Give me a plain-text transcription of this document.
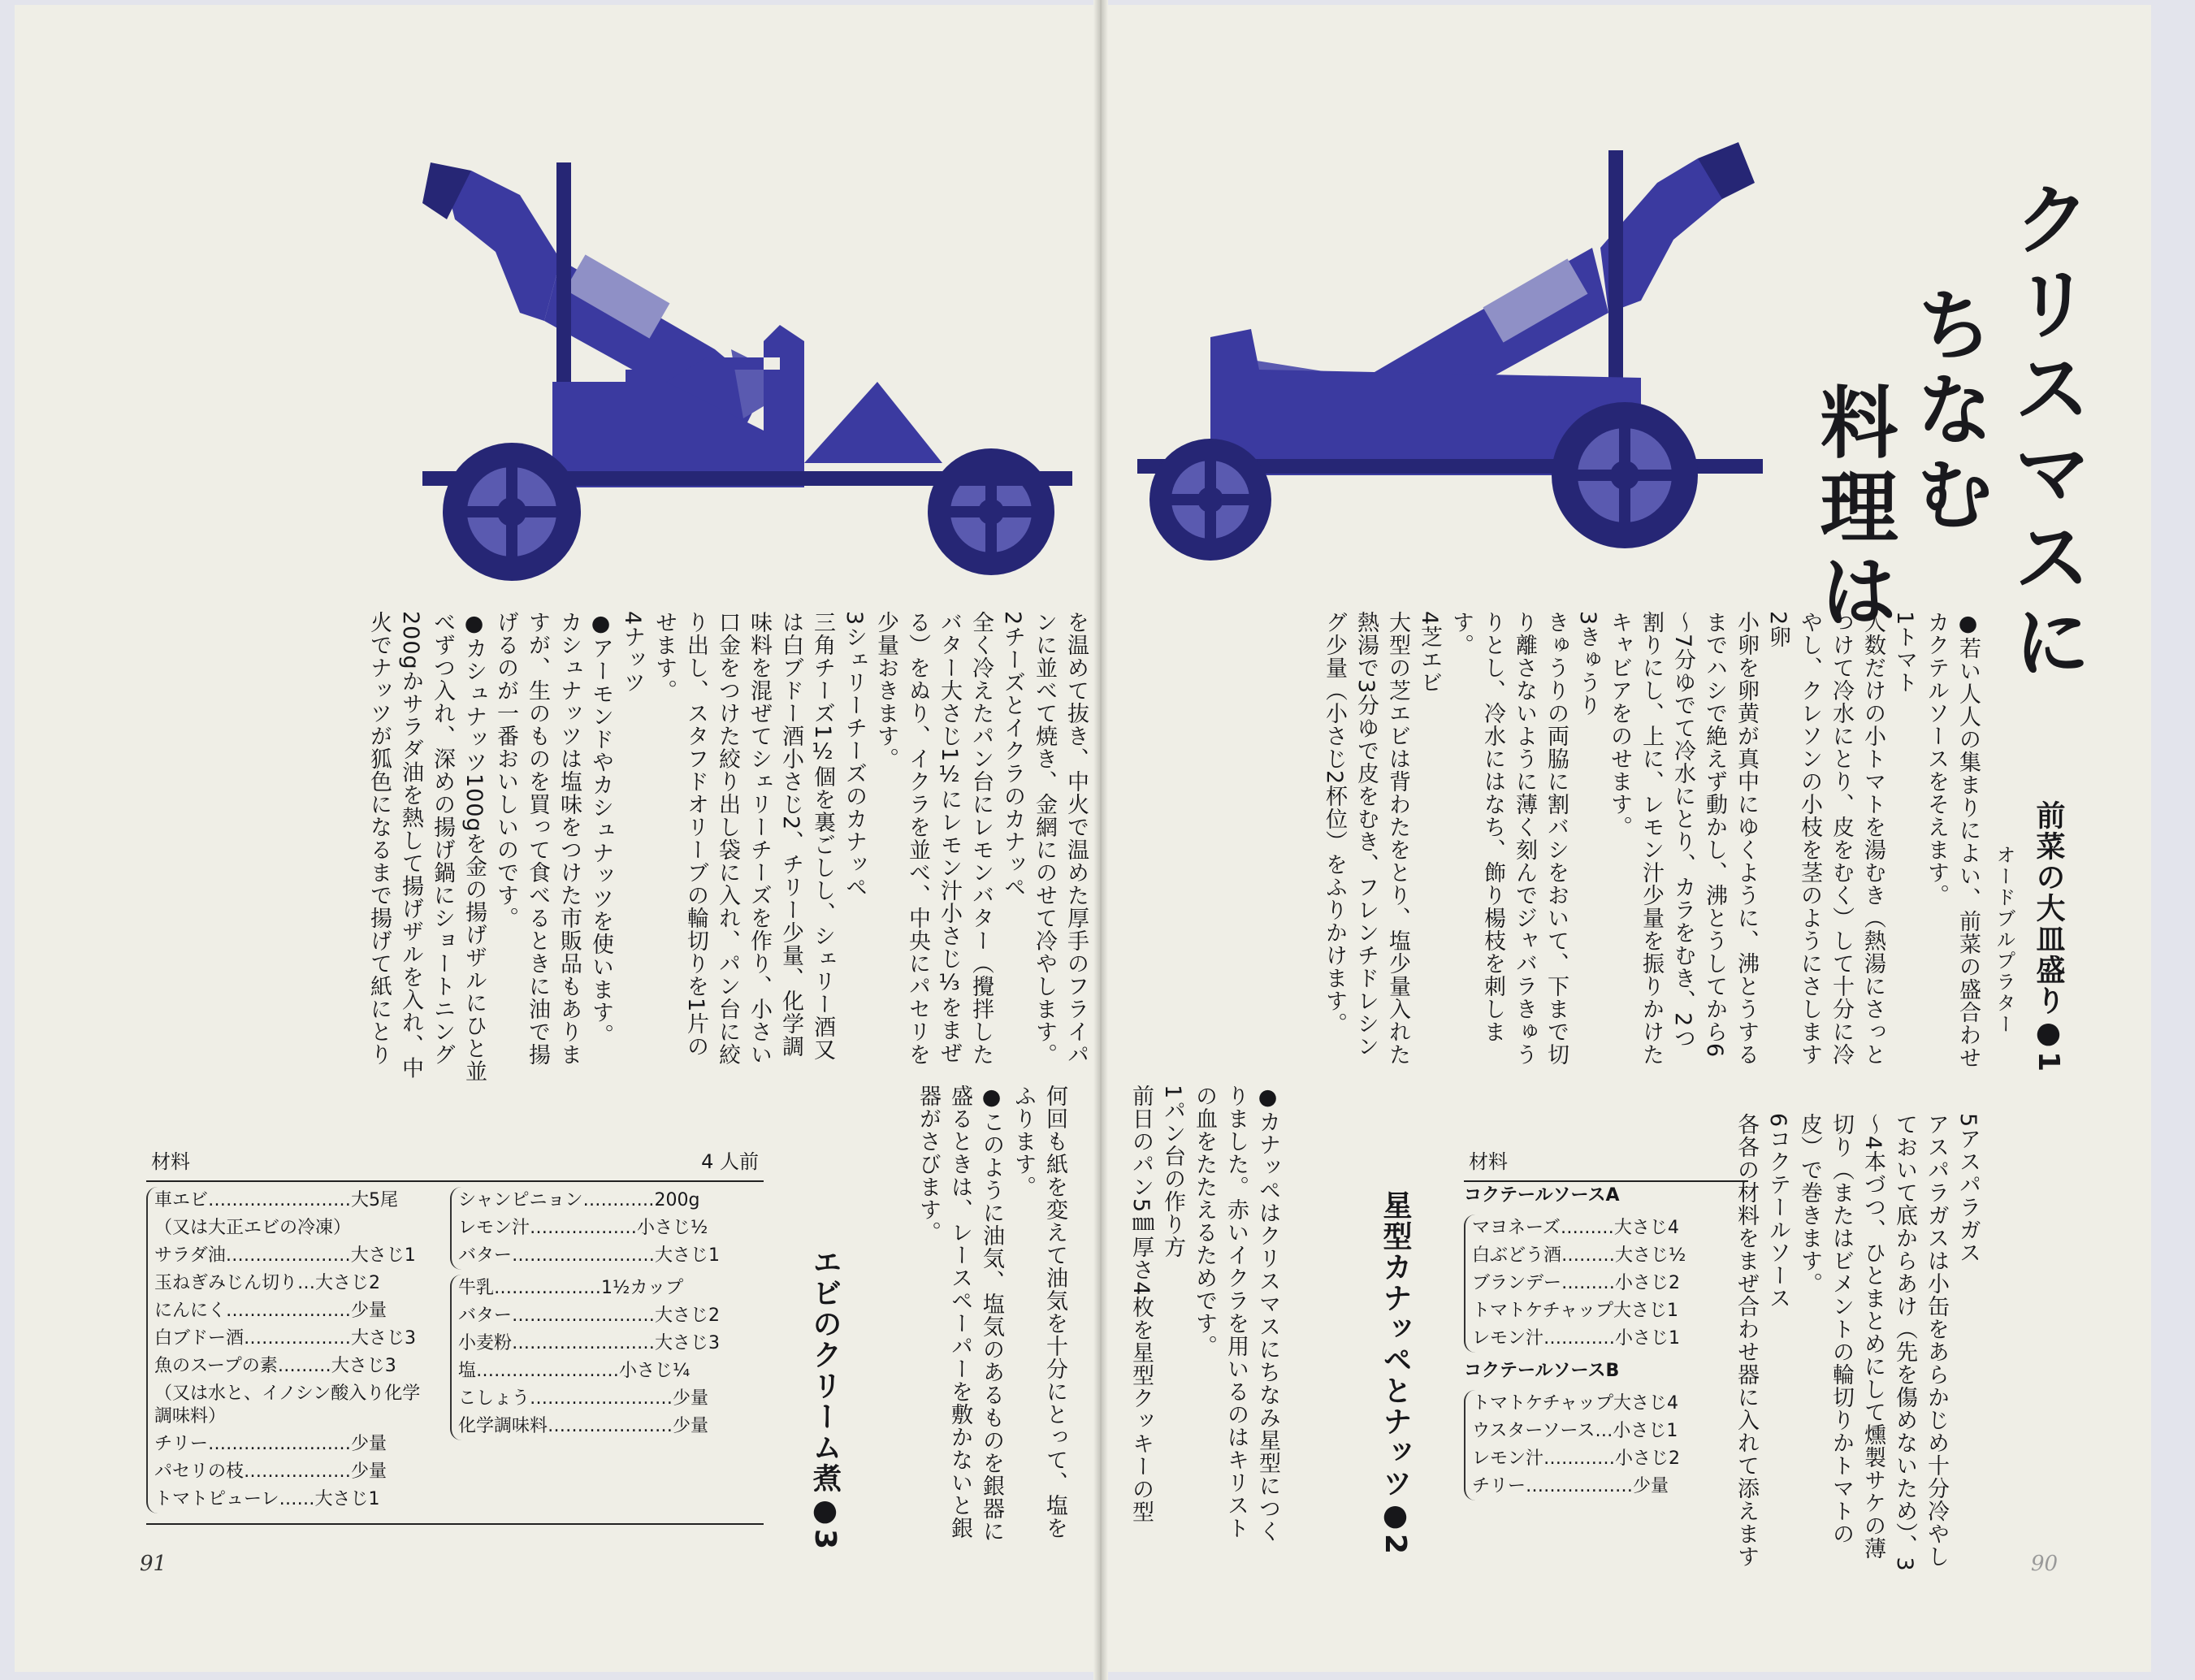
クリスマスに
ちなむ
料理は
前菜の大皿盛り●1
オードブルプラター
●若い人人の集まりによい、前菜の盛合わせ
カクテルソースをそえます。
1トマト
人数だけの小トマトを湯むき（熱湯にさっと
つけて冷水にとり、皮をむく）して十分に冷
やし、クレソンの小枝を茎のようにさします
2卵
小卵を卵黄が真中にゆくように、沸とうする
までハシで絶えず動かし、沸とうしてから6
〜7分ゆでて冷水にとり、カラをむき、2つ
割りにし、上に、レモン汁少量を振りかけた
キャビアをのせます。
3きゅうり
きゅうりの両脇に割バシをおいて、下まで切
り離さないように薄く刻んでジャバラきゅう
りとし、冷水にはなち、飾り楊枝を刺しま
す。
4芝エビ
大型の芝エビは背わたをとり、塩少量入れた
熱湯で3分ゆで皮をむき、フレンチドレシン
グ少量（小さじ2杯位）をふりかけます。
5アスパラガス
アスパラガスは小缶をあらかじめ十分冷やし
ておいて底からあけ（先を傷めないため）、3
〜4本づつ、ひとまとめにして燻製サケの薄
切り（またはビメントの輪切りかトマトの
皮）で巻きます。
6コクテールソース
各各の材料をまぜ合わせ器に入れて添えます
材料
コクテールソースA
マヨネーズ………大さじ4
白ぶどう酒………大さじ½
ブランデー………小さじ2
トマトケチャップ大さじ1
レモン汁…………小さじ1
コクテールソースB
トマトケチャップ大さじ4
ウスターソース…小さじ1
レモン汁…………小さじ2
チリー………………少量
星型カナッペとナッツ●2
●カナッペはクリスマスにちなみ星型につく
りました。赤いイクラを用いるのはキリスト
の血をたたえるためです。
1パン台の作り方
前日のパン5㎜厚さ4枚を星型クッキーの型
を温めて抜き、中火で温めた厚手のフライパ
ンに並べて焼き、金網にのせて冷やします。
2チーズとイクラのカナッペ
全く冷えたパン台にレモンバター（攪拌した
バター大さじ1½にレモン汁小さじ⅓をまぜ
る）をぬり、イクラを並べ、中央にパセリを
少量おきます。
3シェリーチーズのカナッペ
三角チーズ1½個を裏ごしし、シェリー酒又
は白ブドー酒小さじ2、チリー少量、化学調
味料を混ぜてシェリーチーズを作り、小さい
口金をつけた絞り出し袋に入れ、パン台に絞
り出し、スタフドオリーブの輪切りを1片の
せます。
4ナッツ
●アーモンドやカシュナッツを使います。
カシュナッツは塩味をつけた市販品もありま
すが、生のものを買って食べるときに油で揚
げるのが一番おいしいのです。
●カシュナッツ100gを金の揚げザルにひと並
べずつ入れ、深めの揚げ鍋にショートニング
200gかサラダ油を熱して揚げザルを入れ、中
火でナッツが狐色になるまで揚げて紙にとり
何回も紙を変えて油気を十分にとって、塩を
ふります。
●このように油気、塩気のあるものを銀器に
盛るときは、レースペーパーを敷かないと銀
器がさびます。
エビのクリーム煮●3
材料	4 人前
車エビ……………………大5尾
（又は大正エビの冷凍）
サラダ油…………………大さじ1
玉ねぎみじん切り…大さじ2
にんにく…………………少量
白ブドー酒………………大さじ3
魚のスープの素………大さじ3
（又は水と、イノシン酸入り化学調味料）
チリー……………………少量
パセリの枝………………少量
トマトピューレ……大さじ1
シャンピニョン…………200g
レモン汁………………小さじ½
バター……………………大さじ1
牛乳………………1½カップ
バター……………………大さじ2
小麦粉……………………大さじ3
塩……………………小さじ¼
こしょう……………………少量
化学調味料…………………少量
91	90
